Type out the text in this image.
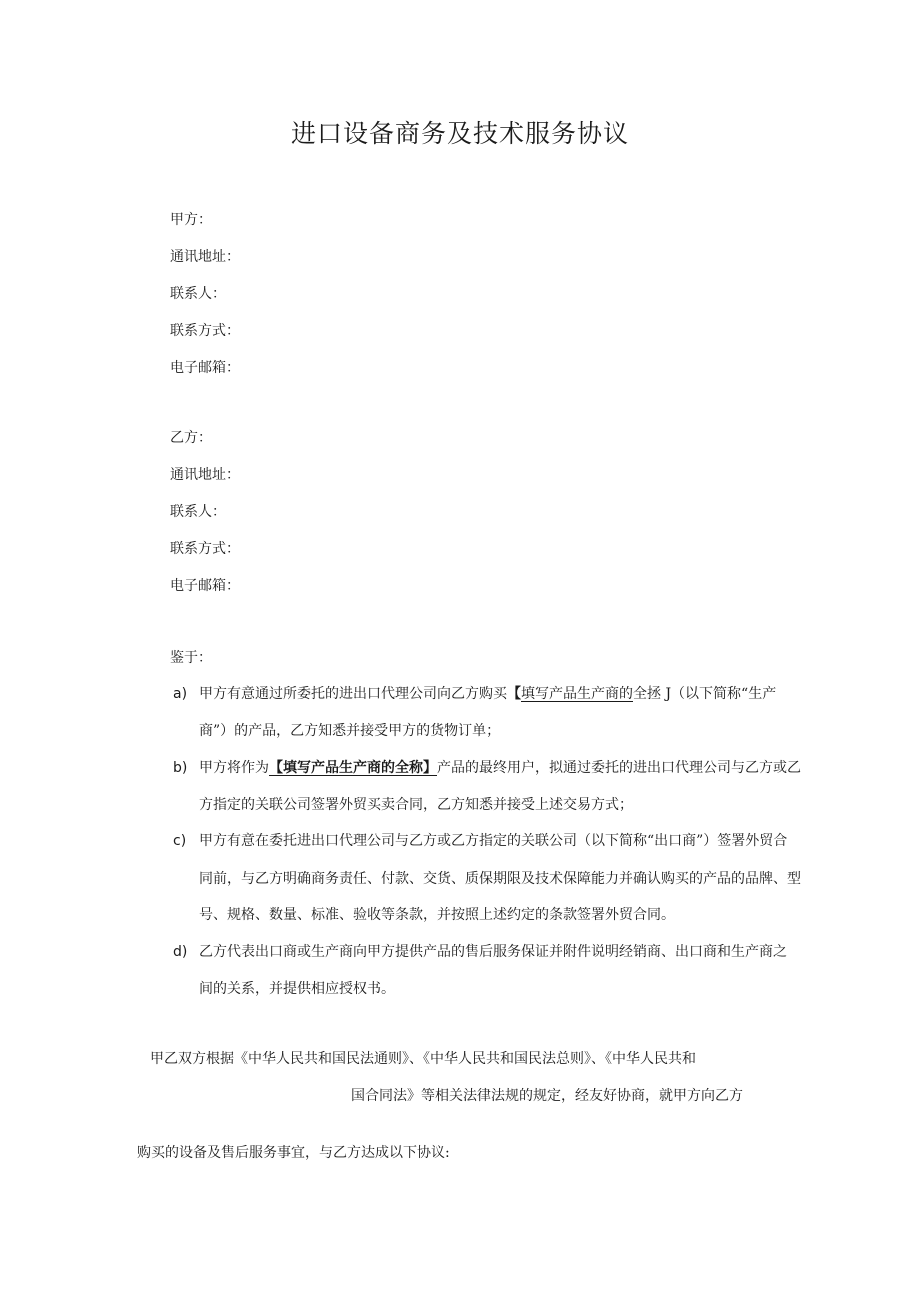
进口设备商务及技术服务协议
甲方：
通讯地址：
联系人：
联系方式：
电子邮箱：
乙方：
通讯地址：
联系人：
联系方式：
电子邮箱：
鉴于：
a) 甲方有意通过所委托的进出口代理公司向乙方购买【填写产品生产商的全拯 J（以下简称“生产
商”）的产品，乙方知悉并接受甲方的货物订单；
b) 甲方将作为【填写产品生产商的全称】产品的最终用户，拟通过委托的进出口代理公司与乙方或乙
方指定的关联公司签署外贸买卖合同，乙方知悉并接受上述交易方式；
c) 甲方有意在委托进出口代理公司与乙方或乙方指定的关联公司（以下简称“出口商”）签署外贸合
同前，与乙方明确商务责任、付款、交货、质保期限及技术保障能力并确认购买的产品的品牌、型
号、规格、数量、标准、验收等条款，并按照上述约定的条款签署外贸合同。
d) 乙方代表出口商或生产商向甲方提供产品的售后服务保证并附件说明经销商、出口商和生产商之
间的关系，并提供相应授权书。
甲乙双方根据《中华人民共和国民法通则》、《中华人民共和国民法总则》、《中华人民共和
国合同法》等相关法律法规的规定，经友好协商，就甲方向乙方
购买的设备及售后服务事宜，与乙方达成以下协议:
